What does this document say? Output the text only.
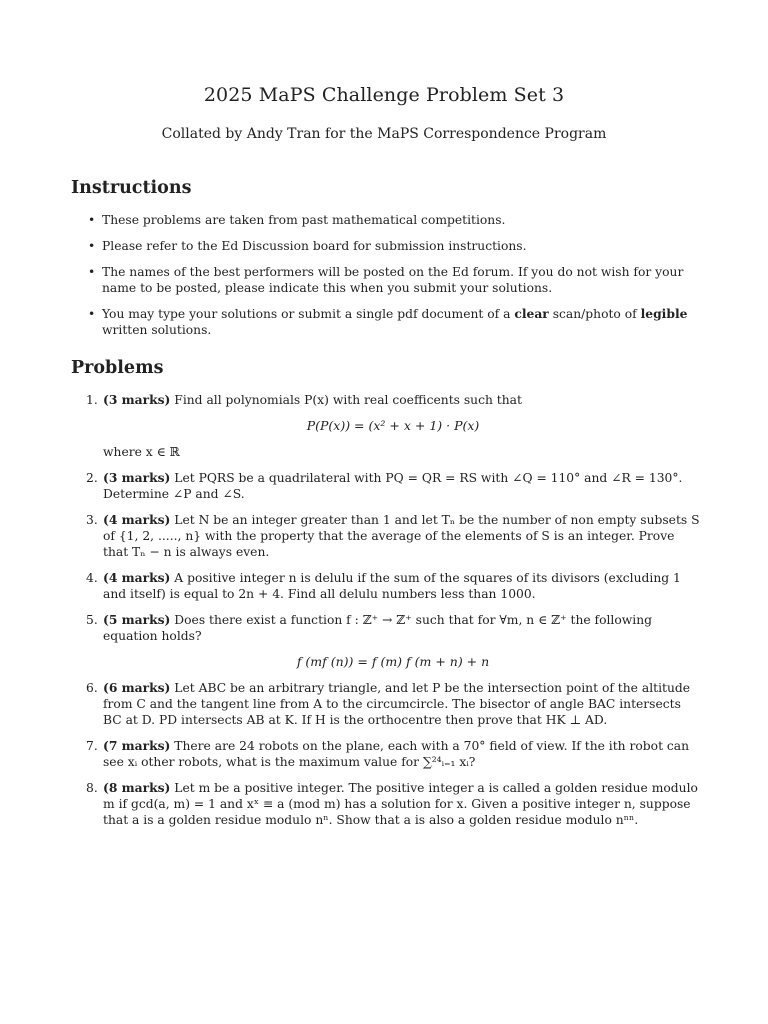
2025 MaPS Challenge Problem Set 3
Collated by Andy Tran for the MaPS Correspondence Program
Instructions
• These problems are taken from past mathematical competitions.
• Please refer to the Ed Discussion board for submission instructions.
• The names of the best performers will be posted on the Ed forum. If you do not wish for your name to be posted, please indicate this when you submit your solutions.
• You may type your solutions or submit a single pdf document of a clear scan/photo of legible written solutions.
Problems
1. (3 marks) Find all polynomials P(x) with real coefficents such that
P(P(x)) = (x² + x + 1) · P(x)
where x ∈ ℝ
2. (3 marks) Let PQRS be a quadrilateral with PQ = QR = RS with ∠Q = 110° and ∠R = 130°. Determine ∠P and ∠S.
3. (4 marks) Let N be an integer greater than 1 and let Tₙ be the number of non empty subsets S of {1, 2, ....., n} with the property that the average of the elements of S is an integer. Prove that Tₙ − n is always even.
4. (4 marks) A positive integer n is delulu if the sum of the squares of its divisors (excluding 1 and itself) is equal to 2n + 4. Find all delulu numbers less than 1000.
5. (5 marks) Does there exist a function f : ℤ⁺ → ℤ⁺ such that for ∀m, n ∈ ℤ⁺ the following equation holds?
f (mf (n)) = f (m) f (m + n) + n
6. (6 marks) Let ABC be an arbitrary triangle, and let P be the intersection point of the altitude from C and the tangent line from A to the circumcircle. The bisector of angle BAC intersects BC at D. PD intersects AB at K. If H is the orthocentre then prove that HK ⊥ AD.
7. (7 marks) There are 24 robots on the plane, each with a 70° field of view. If the ith robot can see xᵢ other robots, what is the maximum value for ∑²⁴ᵢ₌₁ xᵢ?
8. (8 marks) Let m be a positive integer. The positive integer a is called a golden residue modulo m if gcd(a, m) = 1 and xˣ ≡ a (mod m) has a solution for x. Given a positive integer n, suppose that a is a golden residue modulo nⁿ. Show that a is also a golden residue modulo nⁿⁿ.
